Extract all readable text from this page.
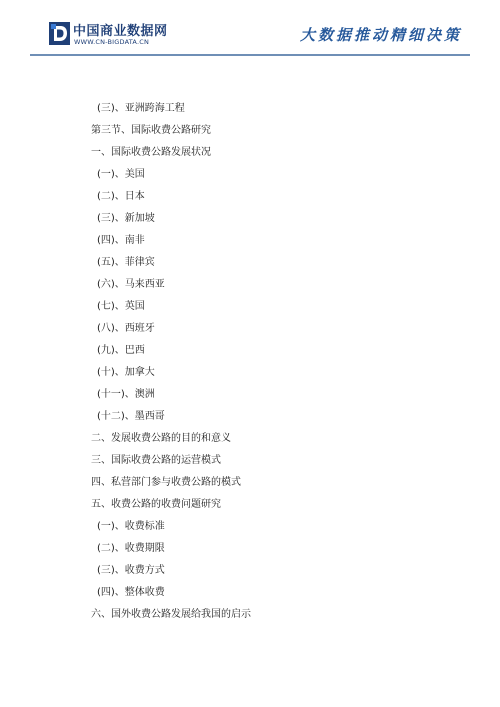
中国商业数据网
WWW.CN-BIGDATA.CN	大数据推动精细决策
(三)、亚洲跨海工程
第三节、国际收费公路研究
一、国际收费公路发展状况
(一)、美国
(二)、日本
(三)、新加坡
(四)、南非
(五)、菲律宾
(六)、马来西亚
(七)、英国
(八)、西班牙
(九)、巴西
(十)、加拿大
(十一)、澳洲
(十二)、墨西哥
二、发展收费公路的目的和意义
三、国际收费公路的运营模式
四、私营部门参与收费公路的模式
五、收费公路的收费问题研究
(一)、收费标准
(二)、收费期限
(三)、收费方式
(四)、整体收费
六、国外收费公路发展给我国的启示
